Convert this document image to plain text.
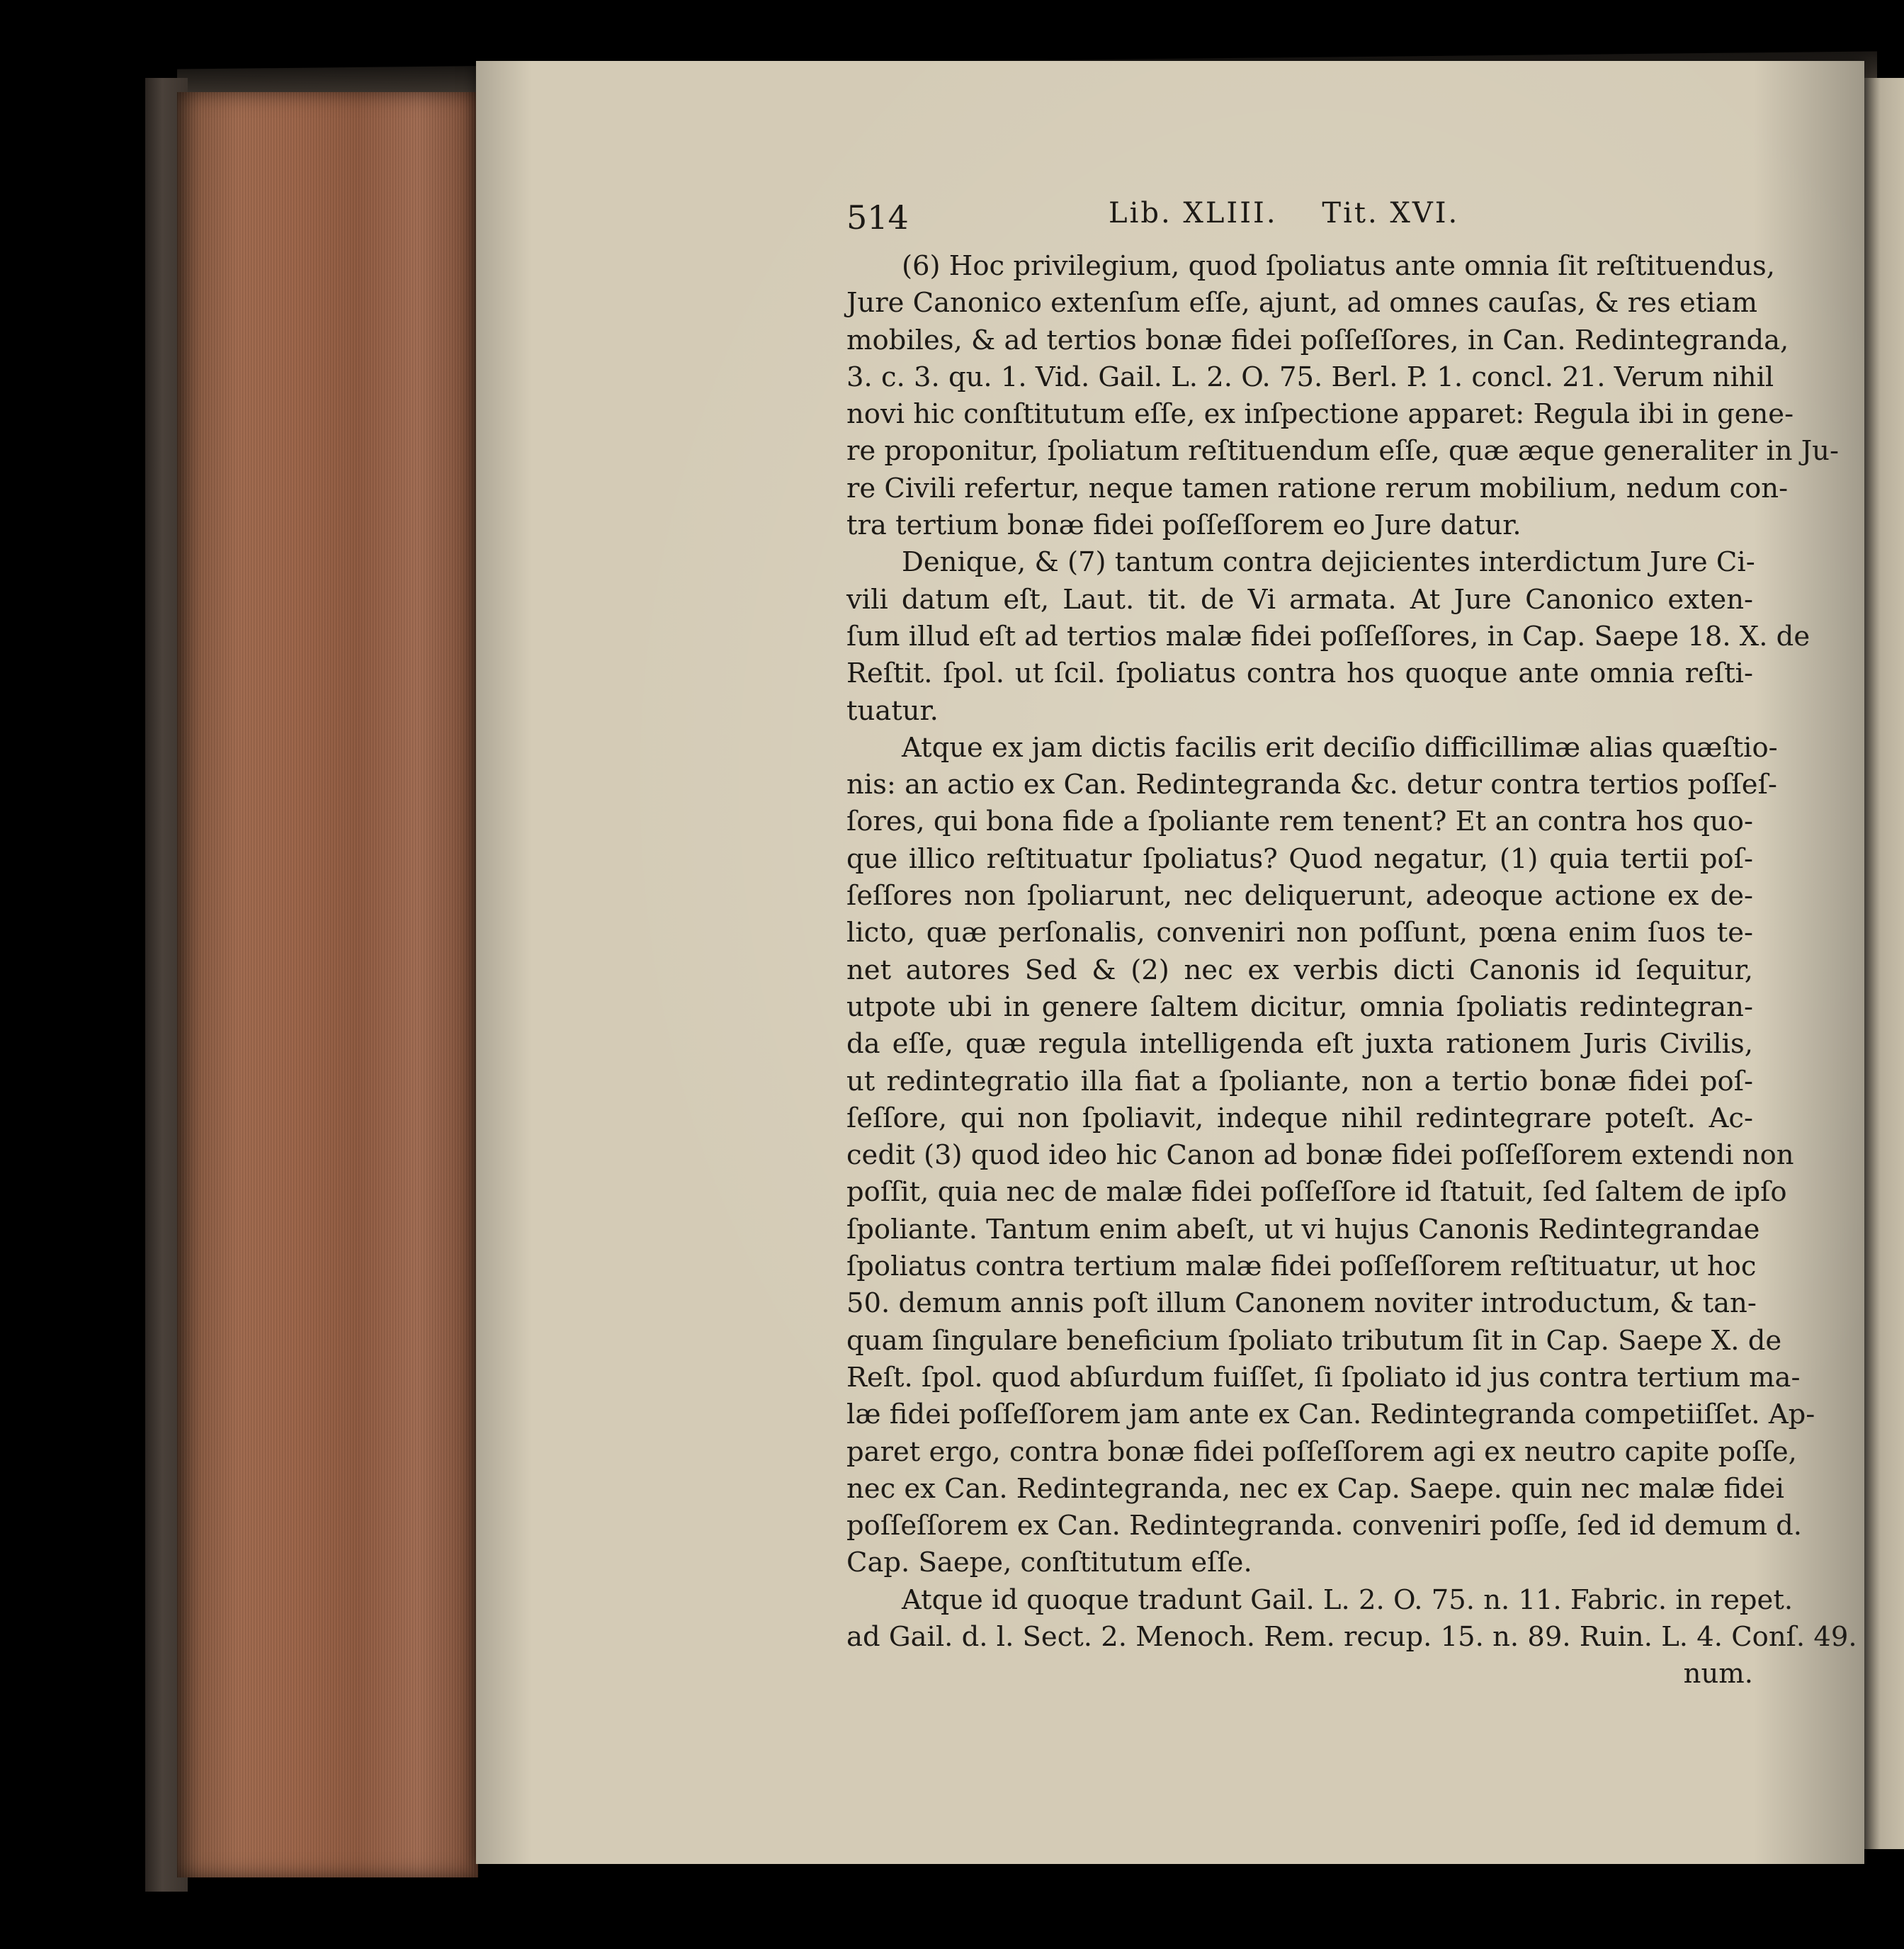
514	Lib. XLIII.    Tit. XVI.

(6) Hoc privilegium, quod ſpoliatus ante omnia ſit reſtituendus,
Jure Canonico extenſum eſſe, ajunt, ad omnes cauſas, & res etiam
mobiles, & ad tertios bonæ fidei poſſeſſores, in Can. Redintegranda,
3. c. 3. qu. 1. Vid. Gail. L. 2. O. 75. Berl. P. 1. concl. 21. Verum nihil
novi hic conſtitutum eſſe, ex inſpectione apparet: Regula ibi in gene-
re proponitur, ſpoliatum reſtituendum eſſe, quæ æque generaliter in Ju-
re Civili refertur, neque tamen ratione rerum mobilium, nedum con-
tra tertium bonæ fidei poſſeſſorem eo Jure datur.

Denique, & (7) tantum contra dejicientes interdictum Jure Ci-
vili datum eſt, Laut. tit. de Vi armata. At Jure Canonico exten-
ſum illud eſt ad tertios malæ fidei poſſeſſores, in Cap. Saepe 18. X. de
Reſtit. ſpol. ut ſcil. ſpoliatus contra hos quoque ante omnia reſti-
tuatur.

Atque ex jam dictis facilis erit deciſio difficillimæ alias quæſtio-
nis: an actio ex Can. Redintegranda &c. detur contra tertios poſſeſ-
ſores, qui bona fide a ſpoliante rem tenent? Et an contra hos quo-
que illico reſtituatur ſpoliatus? Quod negatur, (1) quia tertii poſ-
ſeſſores non ſpoliarunt, nec deliquerunt, adeoque actione ex de-
licto, quæ perſonalis, conveniri non poſſunt, pœna enim ſuos te-
net autores Sed & (2) nec ex verbis dicti Canonis id ſequitur,
utpote ubi in genere ſaltem dicitur, omnia ſpoliatis redintegran-
da eſſe, quæ regula intelligenda eſt juxta rationem Juris Civilis,
ut redintegratio illa fiat a ſpoliante, non a tertio bonæ fidei poſ-
ſeſſore, qui non ſpoliavit, indeque nihil redintegrare poteſt. Ac-
cedit (3) quod ideo hic Canon ad bonæ fidei poſſeſſorem extendi non
poſſit, quia nec de malæ fidei poſſeſſore id ſtatuit, ſed ſaltem de ipſo
ſpoliante. Tantum enim abeſt, ut vi hujus Canonis Redintegrandae
ſpoliatus contra tertium malæ fidei poſſeſſorem reſtituatur, ut hoc
50. demum annis poſt illum Canonem noviter introductum, & tan-
quam ſingulare beneficium ſpoliato tributum ſit in Cap. Saepe X. de
Reſt. ſpol. quod abſurdum fuiſſet, ſi ſpoliato id jus contra tertium ma-
læ fidei poſſeſſorem jam ante ex Can. Redintegranda competiiſſet. Ap-
paret ergo, contra bonæ fidei poſſeſſorem agi ex neutro capite poſſe,
nec ex Can. Redintegranda, nec ex Cap. Saepe. quin nec malæ fidei
poſſeſſorem ex Can. Redintegranda. conveniri poſſe, ſed id demum d.
Cap. Saepe, conſtitutum eſſe.

Atque id quoque tradunt Gail. L. 2. O. 75. n. 11. Fabric. in repet.
ad Gail. d. l. Sect. 2. Menoch. Rem. recup. 15. n. 89. Ruin. L. 4. Conſ. 49.
num.
